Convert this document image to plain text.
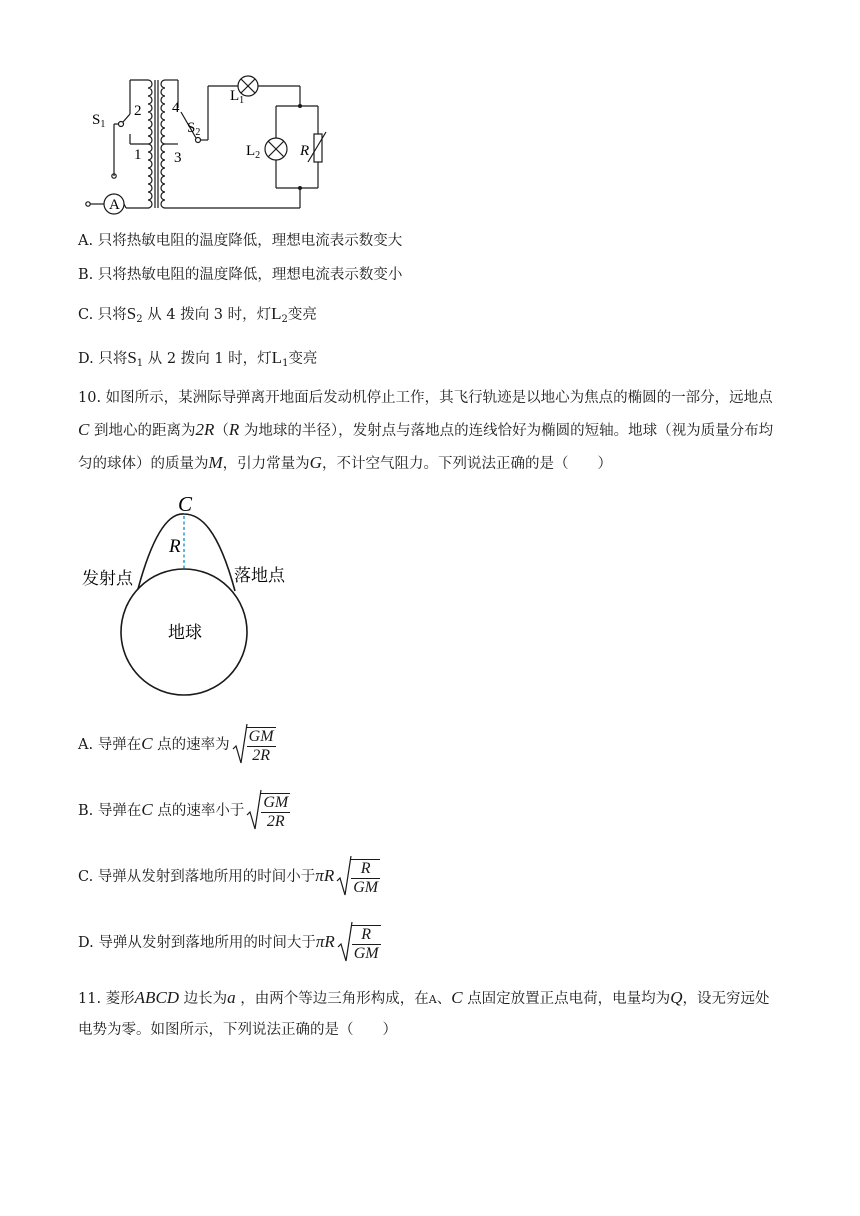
$S_1$
2
1
4
3
$S_2$
$L_1$
$L_2$	R
A
A. 只将热敏电阻的温度降低，理想电流表示数变大
B. 只将热敏电阻的温度降低，理想电流表示数变小
C. 只将$S_2$ 从 4 拨向 3 时，灯$L_2$变亮
D. 只将$S_1$ 从 2 拨向 1 时，灯$L_1$变亮
10. 如图所示，某洲际导弹离开地面后发动机停止工作，其飞行轨迹是以地心为焦点的椭圆的一部分，远地点C 到地心的距离为2R（R 为地球的半径），发射点与落地点的连线恰好为椭圆的短轴。地球（视为质量分布均匀的球体）的质量为M，引力常量为G，不计空气阻力。下列说法正确的是（　　）
C
R
发射点	落地点
地球
A. 导弹在C 点的速率为 $\frac{GM}{2R}$
B. 导弹在C 点的速率小于 $\frac{GM}{2R}$
C. 导弹从发射到落地所用的时间小于πR $\frac{R}{GM}$
D. 导弹从发射到落地所用的时间大于πR $\frac{R}{GM}$
11. 菱形ABCD 边长为a ，由两个等边三角形构成，在A、C 点固定放置正点电荷，电量均为Q，设无穷远处电势为零。如图所示，下列说法正确的是（　　）
